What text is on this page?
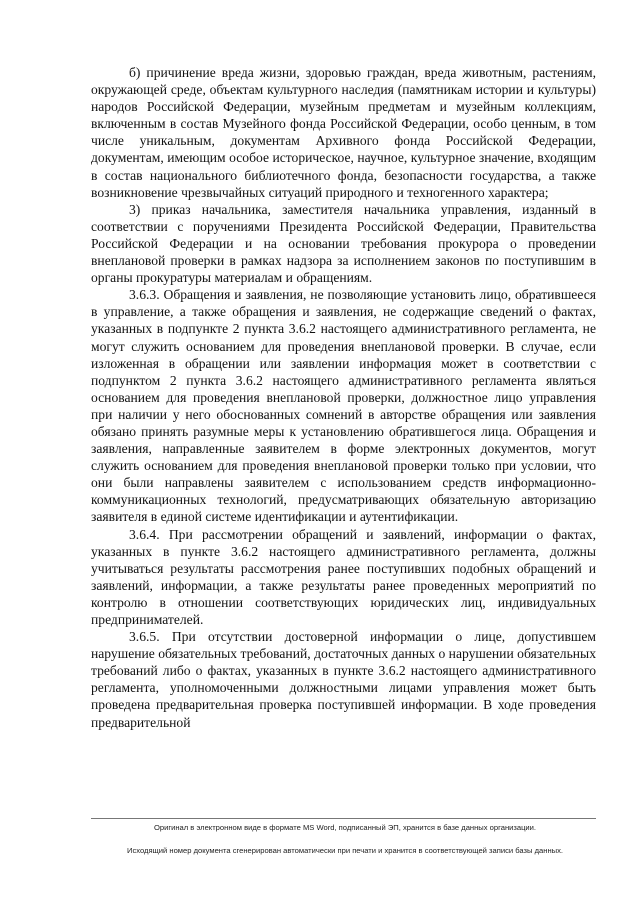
б) причинение вреда жизни, здоровью граждан, вреда животным, растениям, окружающей среде, объектам культурного наследия (памятникам истории и культуры) народов Российской Федерации, музейным предметам и музейным коллекциям, включенным в состав Музейного фонда Российской Федерации, особо ценным, в том числе уникальным, документам Архивного фонда Российской Федерации, документам, имеющим особое историческое, научное, культурное значение, входящим в состав национального библиотечного фонда, безопасности государства, а также возникновение чрезвычайных ситуаций природного и техногенного характера;

3) приказ начальника, заместителя начальника управления, изданный в соответствии с поручениями Президента Российской Федерации, Правительства Российской Федерации и на основании требования прокурора о проведении внеплановой проверки в рамках надзора за исполнением законов по поступившим в органы прокуратуры материалам и обращениям.

3.6.3. Обращения и заявления, не позволяющие установить лицо, обратившееся в управление, а также обращения и заявления, не содержащие сведений о фактах, указанных в подпункте 2 пункта 3.6.2 настоящего административного регламента, не могут служить основанием для проведения внеплановой проверки. В случае, если изложенная в обращении или заявлении информация может в соответствии с подпунктом 2 пункта 3.6.2 настоящего административного регламента являться основанием для проведения внеплановой проверки, должностное лицо управления при наличии у него обоснованных сомнений в авторстве обращения или заявления обязано принять разумные меры к установлению обратившегося лица. Обращения и заявления, направленные заявителем в форме электронных документов, могут служить основанием для проведения внеплановой проверки только при условии, что они были направлены заявителем с использованием средств информационно-коммуникационных технологий, предусматривающих обязательную авторизацию заявителя в единой системе идентификации и аутентификации.

3.6.4. При рассмотрении обращений и заявлений, информации о фактах, указанных в пункте 3.6.2 настоящего административного регламента, должны учитываться результаты рассмотрения ранее поступивших подобных обращений и заявлений, информации, а также результаты ранее проведенных мероприятий по контролю в отношении соответствующих юридических лиц, индивидуальных предпринимателей.

3.6.5. При отсутствии достоверной информации о лице, допустившем нарушение обязательных требований, достаточных данных о нарушении обязательных требований либо о фактах, указанных в пункте 3.6.2 настоящего административного регламента, уполномоченными должностными лицами управления может быть проведена предварительная проверка поступившей информации. В ходе проведения предварительной

Оригинал в электронном виде в формате MS Word, подписанный ЭП, хранится в базе данных организации.
Исходящий номер документа сгенерирован автоматически при печати и хранится в соответствующей записи базы данных.
